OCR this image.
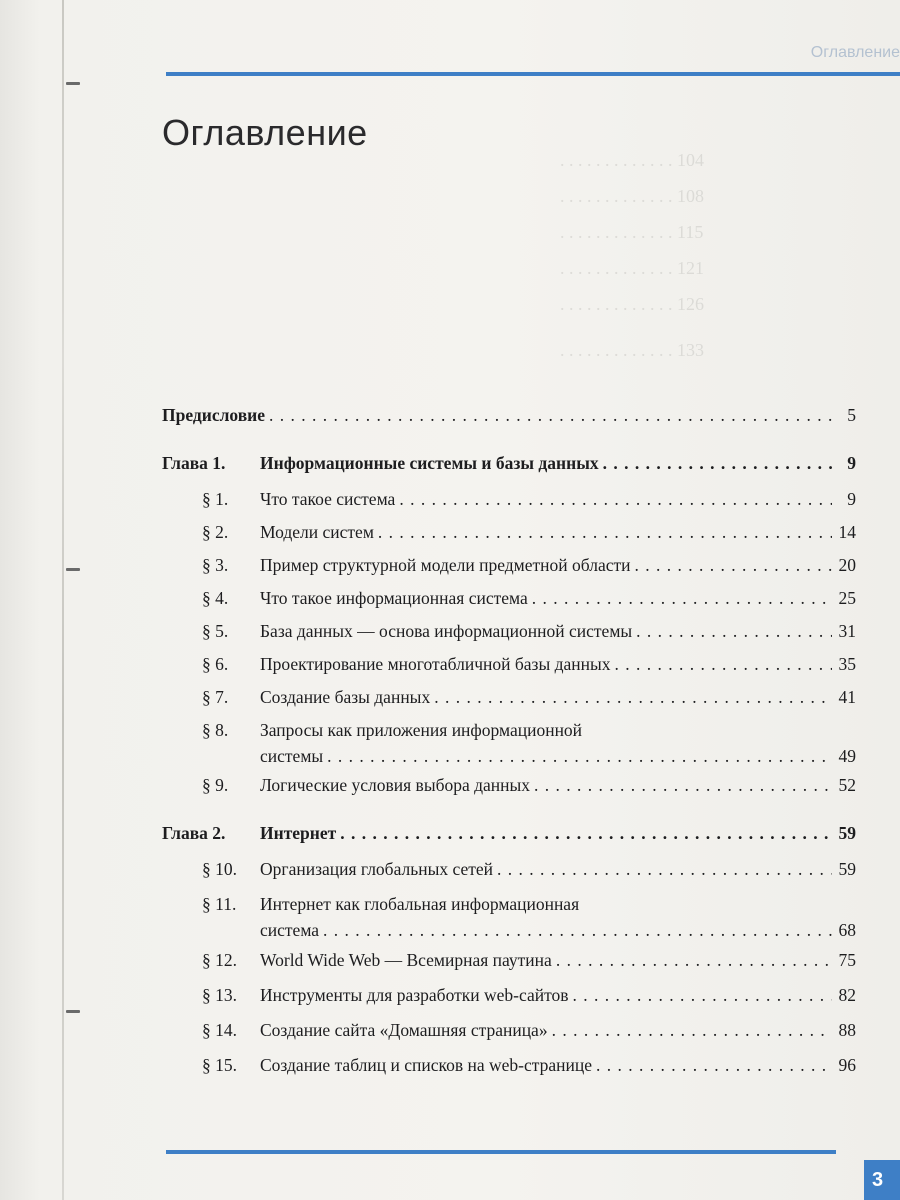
. . . . . . . . . . . . . 104
. . . . . . . . . . . . . 108
. . . . . . . . . . . . . 115
. . . . . . . . . . . . . 121
. . . . . . . . . . . . . 126
. . . . . . . . . . . . . 133
Оглавление
Оглавление
Предисловие . . .	5
Глава 1.	Информационные системы и базы данных . . .	9
§ 1.	Что такое система . . .	9
§ 2.	Модели систем . . .	14
§ 3.	Пример структурной модели предметной области . . .	20
§ 4.	Что такое информационная система . . .	25
§ 5.	База данных — основа информационной системы . . .	31
§ 6.	Проектирование многотабличной базы данных . . .	35
§ 7.	Создание базы данных . . .	41
§ 8.	Запросы как приложения информационной
системы . . .	49
§ 9.	Логические условия выбора данных . . .	52
Глава 2.	Интернет . . .	59
§ 10.	Организация глобальных сетей . . .	59
§ 11.	Интернет как глобальная информационная
система . . .	68
§ 12.	World Wide Web — Всемирная паутина . . .	75
§ 13.	Инструменты для разработки web-сайтов . . .	82
§ 14.	Создание сайта «Домашняя страница» . . .	88
§ 15.	Создание таблиц и списков на web-странице . . .	96
3
